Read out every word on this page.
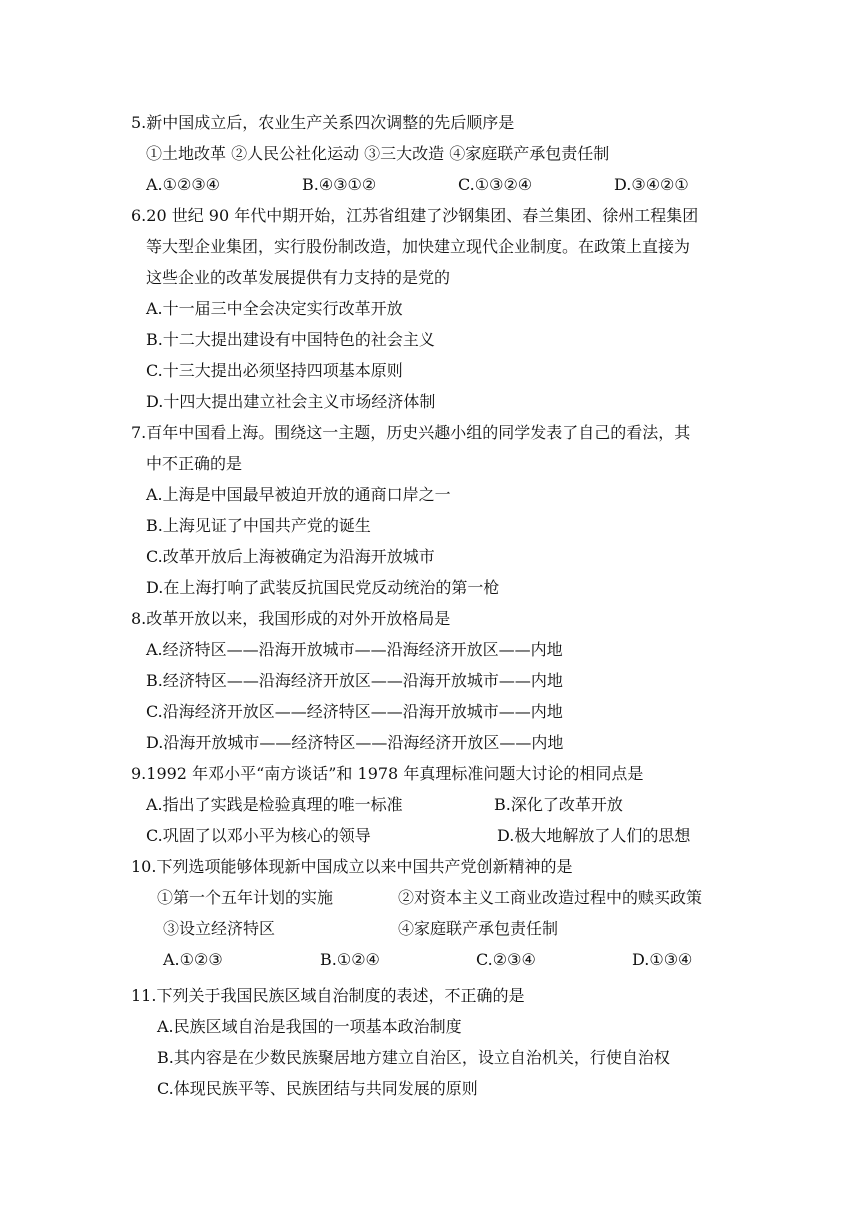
5.新中国成立后，农业生产关系四次调整的先后顺序是
①土地改革 ②人民公社化运动 ③三大改造 ④家庭联产承包责任制
A.①②③④	B.④③①②	C.①③②④	D.③④②①
6.20 世纪 90 年代中期开始，江苏省组建了沙钢集团、春兰集团、徐州工程集团
等大型企业集团，实行股份制改造，加快建立现代企业制度。在政策上直接为
这些企业的改革发展提供有力支持的是党的
A.十一届三中全会决定实行改革开放
B.十二大提出建设有中国特色的社会主义
C.十三大提出必须坚持四项基本原则
D.十四大提出建立社会主义市场经济体制
7.百年中国看上海。围绕这一主题，历史兴趣小组的同学发表了自己的看法，其
中不正确的是
A.上海是中国最早被迫开放的通商口岸之一
B.上海见证了中国共产党的诞生
C.改革开放后上海被确定为沿海开放城市
D.在上海打响了武装反抗国民党反动统治的第一枪
8.改革开放以来，我国形成的对外开放格局是
A.经济特区——沿海开放城市——沿海经济开放区——内地
B.经济特区——沿海经济开放区——沿海开放城市——内地
C.沿海经济开放区——经济特区——沿海开放城市——内地
D.沿海开放城市——经济特区——沿海经济开放区——内地
9.1992 年邓小平“南方谈话”和 1978 年真理标准问题大讨论的相同点是
A.指出了实践是检验真理的唯一标准	B.深化了改革开放
C.巩固了以邓小平为核心的领导	D.极大地解放了人们的思想
10.下列选项能够体现新中国成立以来中国共产党创新精神的是
①第一个五年计划的实施	②对资本主义工商业改造过程中的赎买政策
③设立经济特区	④家庭联产承包责任制
A.①②③	B.①②④	C.②③④	D.①③④
11.下列关于我国民族区域自治制度的表述，不正确的是
A.民族区域自治是我国的一项基本政治制度
B.其内容是在少数民族聚居地方建立自治区，设立自治机关，行使自治权
C.体现民族平等、民族团结与共同发展的原则
